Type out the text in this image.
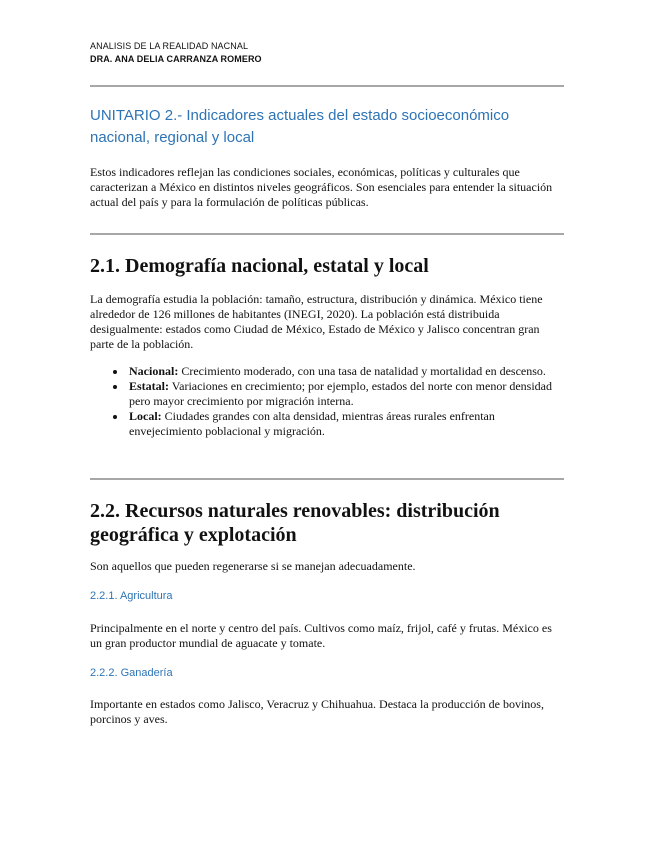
ANALISIS DE LA REALIDAD NACNAL
DRA. ANA DELIA CARRANZA ROMERO
UNITARIO 2.- Indicadores actuales del estado socioeconómico nacional, regional y local

Estos indicadores reflejan las condiciones sociales, económicas, políticas y culturales que caracterizan a México en distintos niveles geográficos. Son esenciales para entender la situación actual del país y para la formulación de políticas públicas.

2.1. Demografía nacional, estatal y local

La demografía estudia la población: tamaño, estructura, distribución y dinámica. México tiene alrededor de 126 millones de habitantes (INEGI, 2020). La población está distribuida desigualmente: estados como Ciudad de México, Estado de México y Jalisco concentran gran parte de la población.

Nacional: Crecimiento moderado, con una tasa de natalidad y mortalidad en descenso.
Estatal: Variaciones en crecimiento; por ejemplo, estados del norte con menor densidad pero mayor crecimiento por migración interna.
Local: Ciudades grandes con alta densidad, mientras áreas rurales enfrentan envejecimiento poblacional y migración.
2.2. Recursos naturales renovables: distribución geográfica y explotación

Son aquellos que pueden regenerarse si se manejan adecuadamente.

2.2.1. Agricultura

Principalmente en el norte y centro del país. Cultivos como maíz, frijol, café y frutas. México es un gran productor mundial de aguacate y tomate.

2.2.2. Ganadería

Importante en estados como Jalisco, Veracruz y Chihuahua. Destaca la producción de bovinos, porcinos y aves.
